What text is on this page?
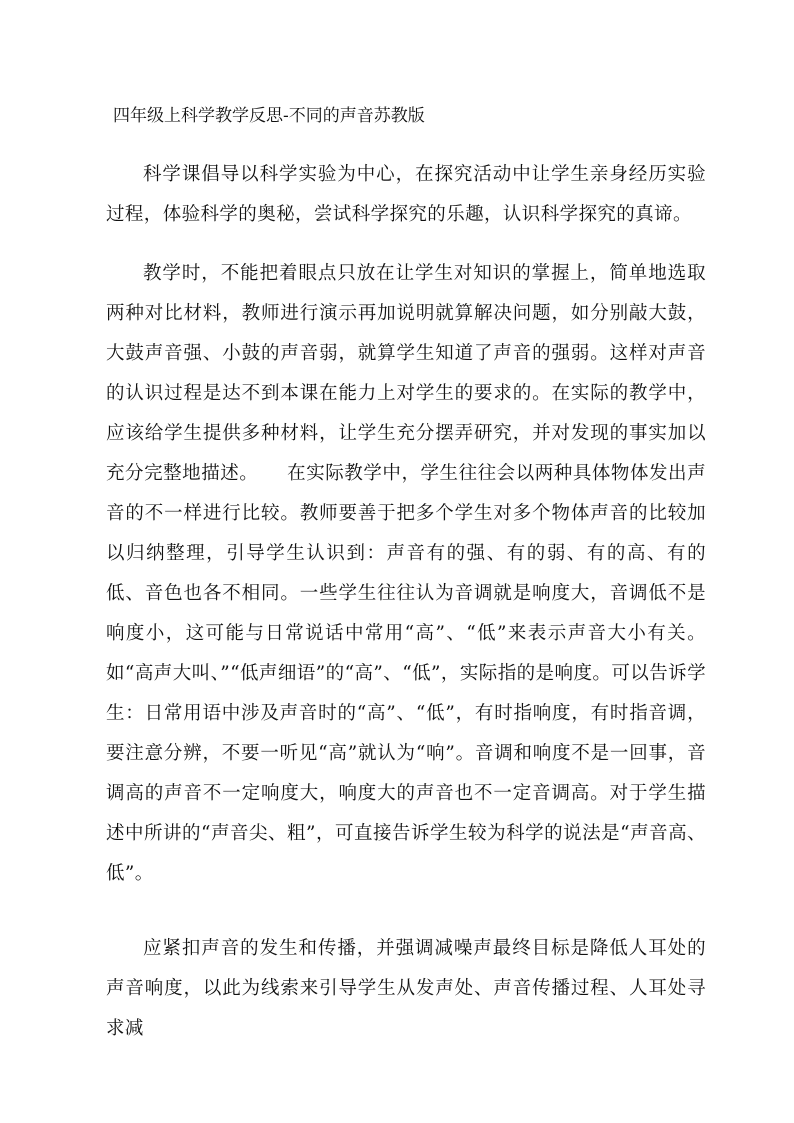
四年级上科学教学反思-不同的声音苏教版

科学课倡导以科学实验为中心，在探究活动中让学生亲身经历实验过程，体验科学的奥秘，尝试科学探究的乐趣，认识科学探究的真谛。

教学时，不能把着眼点只放在让学生对知识的掌握上，简单地选取两种对比材料，教师进行演示再加说明就算解决问题，如分别敲大鼓，大鼓声音强、小鼓的声音弱，就算学生知道了声音的强弱。这样对声音的认识过程是达不到本课在能力上对学生的要求的。在实际的教学中，应该给学生提供多种材料，让学生充分摆弄研究，并对发现的事实加以充分完整地描述。　　在实际教学中，学生往往会以两种具体物体发出声音的不一样进行比较。教师要善于把多个学生对多个物体声音的比较加以归纳整理，引导学生认识到：声音有的强、有的弱、有的高、有的低、音色也各不相同。一些学生往往认为音调就是响度大，音调低不是响度小，这可能与日常说话中常用“高”、“低”来表示声音大小有关。如“高声大叫、”“低声细语”的“高”、“低”，实际指的是响度。可以告诉学生：日常用语中涉及声音时的“高”、“低”，有时指响度，有时指音调，要注意分辨，不要一听见“高”就认为“响”。音调和响度不是一回事，音调高的声音不一定响度大，响度大的声音也不一定音调高。对于学生描述中所讲的“声音尖、粗”，可直接告诉学生较为科学的说法是“声音高、低”。

应紧扣声音的发生和传播，并强调减噪声最终目标是降低人耳处的声音响度，以此为线索来引导学生从发声处、声音传播过程、人耳处寻求减
